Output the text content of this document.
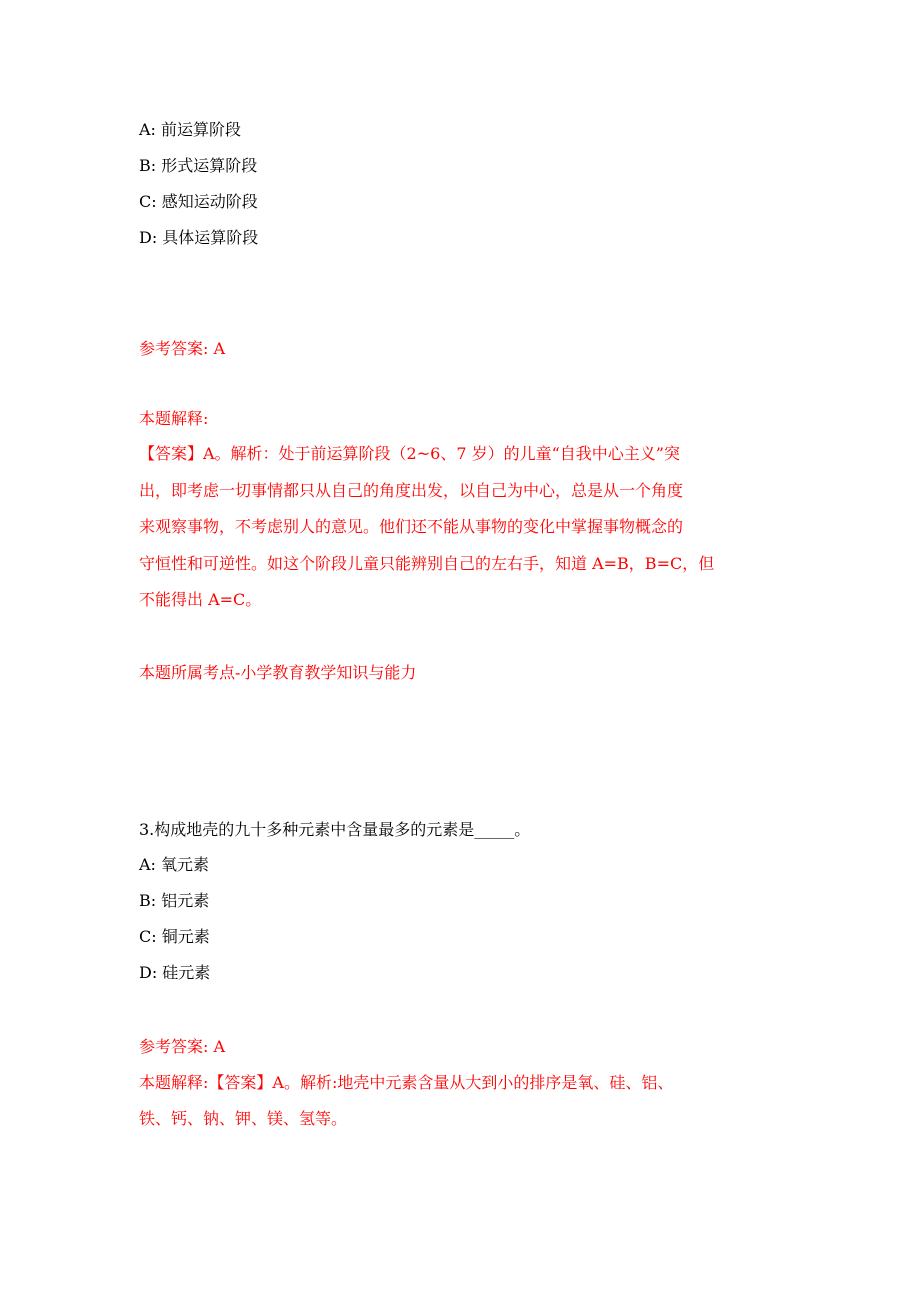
A: 前运算阶段
B: 形式运算阶段
C: 感知运动阶段
D: 具体运算阶段
参考答案: A
本题解释:
【答案】A。解析：处于前运算阶段（2~6、7 岁）的儿童“自我中心主义”突
出，即考虑一切事情都只从自己的角度出发，以自己为中心，总是从一个角度
来观察事物，不考虑别人的意见。他们还不能从事物的变化中掌握事物概念的
守恒性和可逆性。如这个阶段儿童只能辨别自己的左右手，知道 A=B，B=C，但
不能得出 A=C。
本题所属考点-小学教育教学知识与能力
3.构成地壳的九十多种元素中含量最多的元素是_____。
A: 氧元素
B: 铝元素
C: 铜元素
D: 硅元素
参考答案: A
本题解释:【答案】A。解析:地壳中元素含量从大到小的排序是氧、硅、铝、
铁、钙、钠、钾、镁、氢等。
